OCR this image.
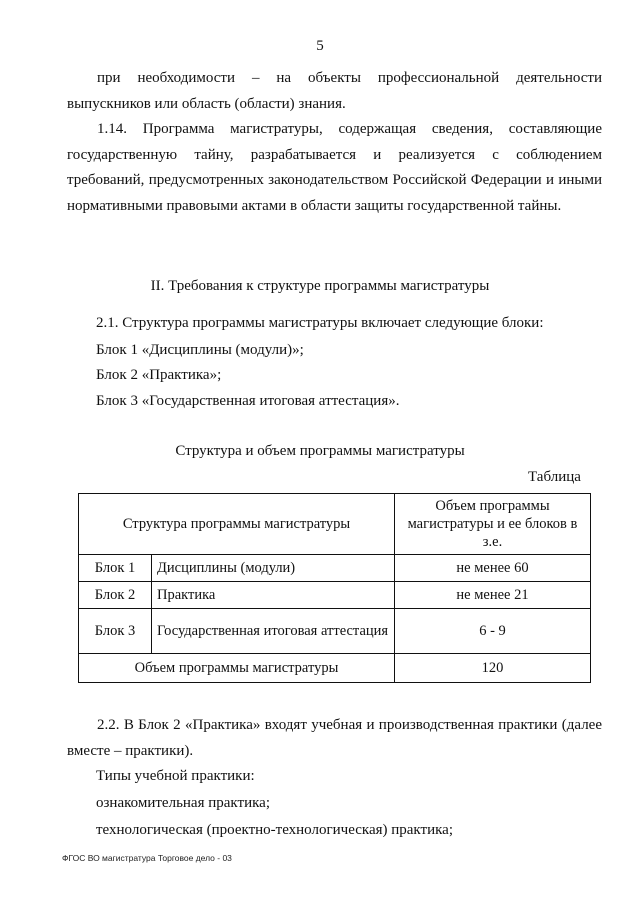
5

при необходимости – на объекты профессиональной деятельности выпускников или область (области) знания.

1.14. Программа магистратуры, содержащая сведения, составляющие государственную тайну, разрабатывается и реализуется с соблюдением требований, предусмотренных законодательством Российской Федерации и иными нормативными правовыми актами в области защиты государственной тайны.

II. Требования к структуре программы магистратуры

2.1. Структура программы магистратуры включает следующие блоки:

Блок 1 «Дисциплины (модули)»;

Блок 2 «Практика»;

Блок 3 «Государственная итоговая аттестация».

Структура и объем программы магистратуры

Таблица
Структура программы магистратуры		Объем программы магистратуры и ее блоков в з.е.
Блок 1	Дисциплины (модули)	не менее 60
Блок 2	Практика	не менее 21
Блок 3	Государственная итоговая аттестация	6 - 9
Объем программы магистратуры		120

2.2. В Блок 2 «Практика» входят учебная и производственная практики (далее вместе – практики).

Типы учебной практики:

ознакомительная практика;

технологическая (проектно-технологическая) практика;

ФГОС ВО магистратура Торговое дело - 03
